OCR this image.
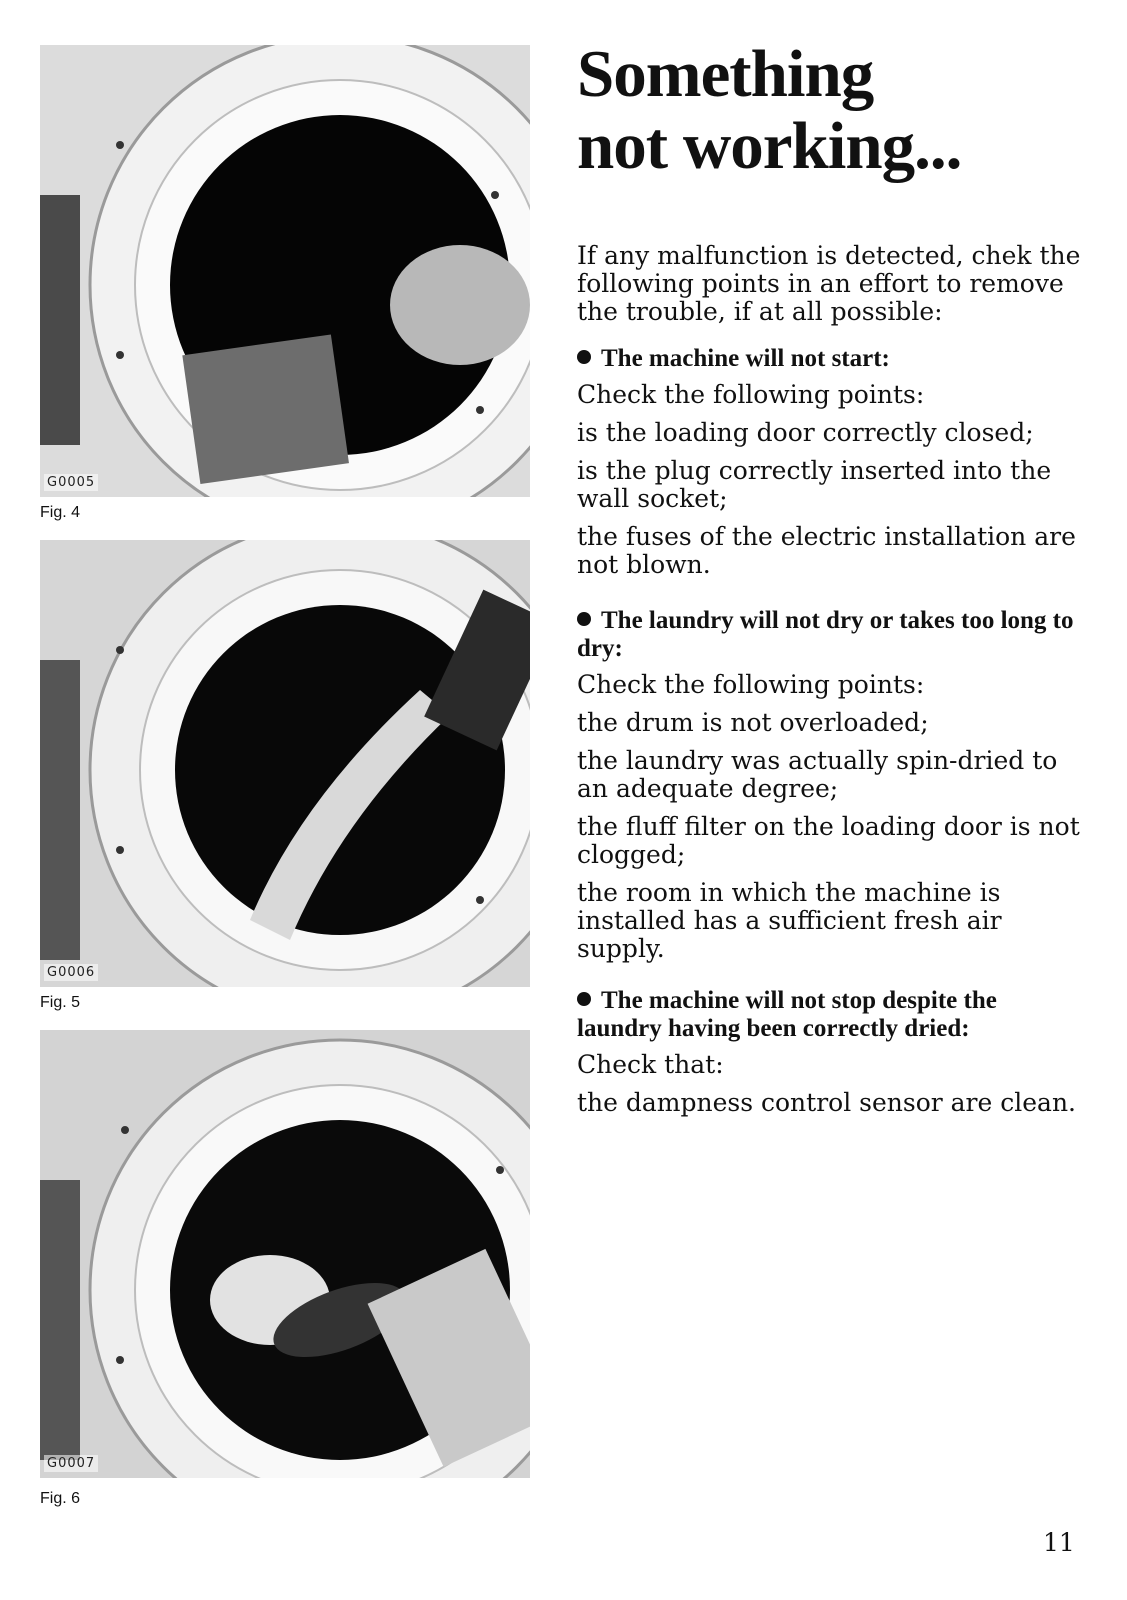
G0005
Fig. 4
G0006
Fig. 5
G0007
Fig. 6
Something
not working...

If any malfunction is detected, chek the following points in an effort to remove the trouble, if at all possible:

The machine will not start:

Check the following points:

is the loading door correctly closed;

is the plug correctly inserted into the wall socket;

the fuses of the electric installation are not blown.

The laundry will not dry or takes too long to dry:

Check the following points:

the drum is not overloaded;

the laundry was actually spin-dried to an adequate degree;

the fluff filter on the loading door is not clogged;

the room in which the machine is installed has a sufficient fresh air supply.

The machine will not stop despite the laundry having been correctly dried:

Check that:

the dampness control sensor are clean.

11
